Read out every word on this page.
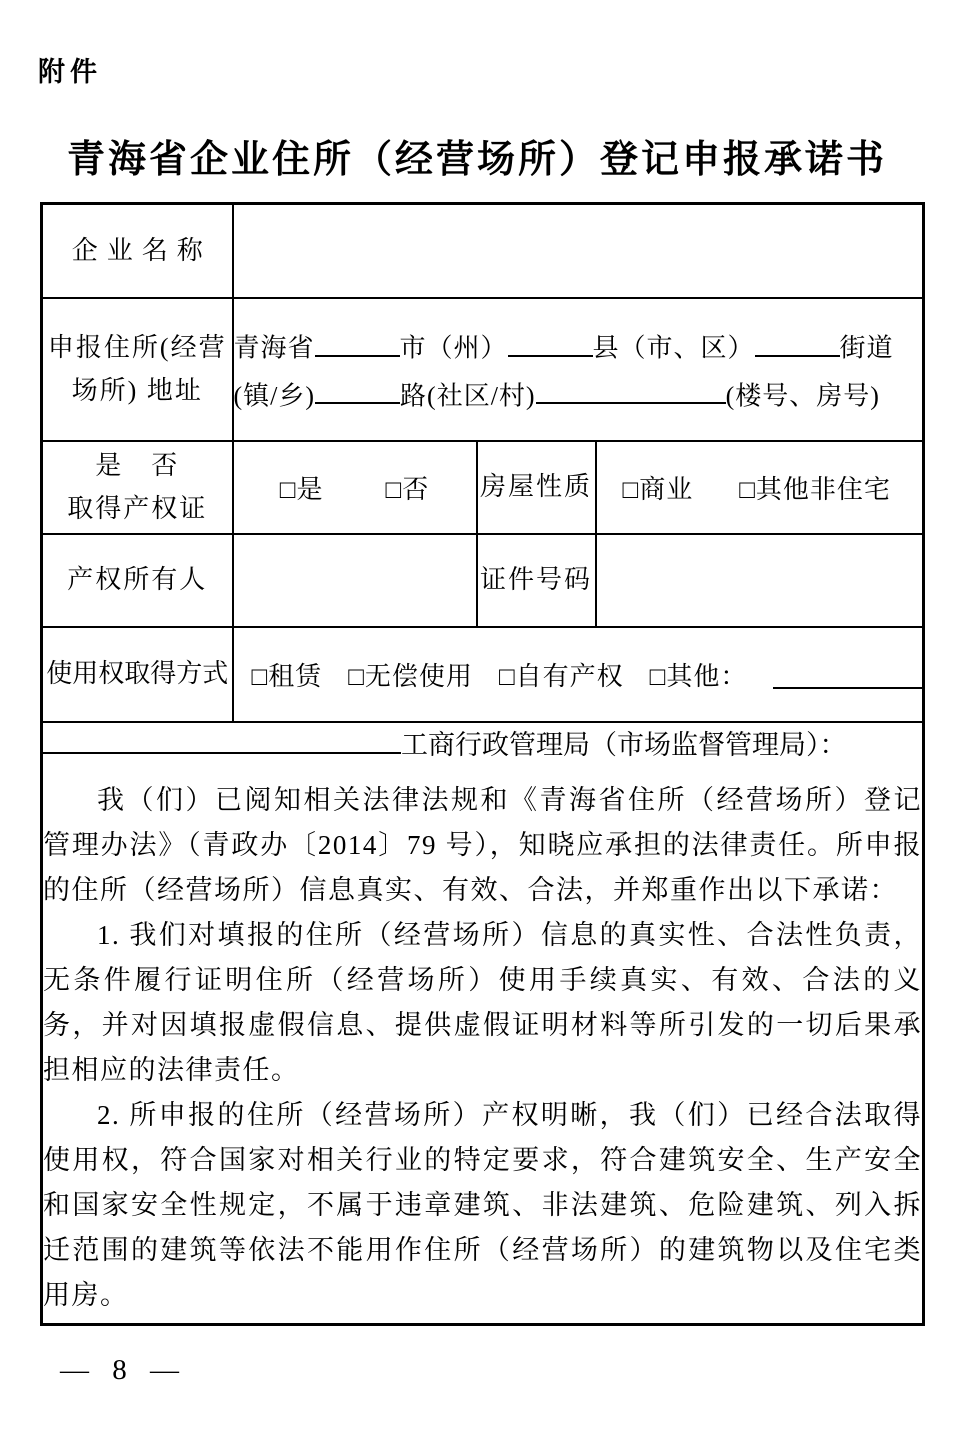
附件
青海省企业住所（经营场所）登记申报承诺书
企业名称			

申报住所(经营
场所) 地址

青海省	市（州）	县（市、区）	街道
(镇/乡)	路(社区/村)	(楼号、房号)

是　否
取得产权证

□是 □否	房屋性质	□商业 □其他非住宅

产权所有人		证件号码	
使用权取得方式	□租赁 □无偿使用 □自有产权 □其他：		

工商行政管理局（市场监督管理局）：

我（们）已阅知相关法律法规和《青海省住所（经营场所）登记管理办法》（青政办〔2014〕79 号），知晓应承担的法律责任。所申报的住所（经营场所）信息真实、有效、合法，并郑重作出以下承诺：

1. 我们对填报的住所（经营场所）信息的真实性、合法性负责，无条件履行证明住所（经营场所）使用手续真实、有效、合法的义务，并对因填报虚假信息、提供虚假证明材料等所引发的一切后果承担相应的法律责任。

2. 所申报的住所（经营场所）产权明晰，我（们）已经合法取得使用权，符合国家对相关行业的特定要求，符合建筑安全、生产安全和国家安全性规定，不属于违章建筑、非法建筑、危险建筑、列入拆迁范围的建筑等依法不能用作住所（经营场所）的建筑物以及住宅类用房。			

— 8 —
